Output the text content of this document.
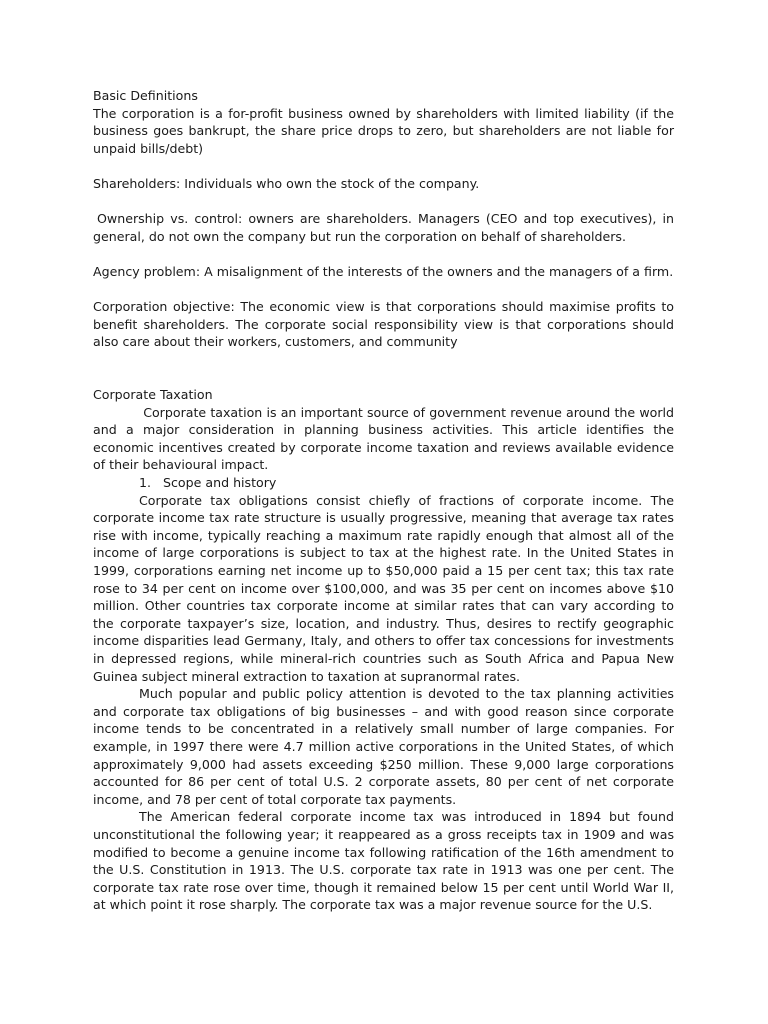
Basic Definitions

The corporation is a for-profit business owned by shareholders with limited liability (if the business goes bankrupt, the share price drops to zero, but shareholders are not liable for unpaid bills/debt)

Shareholders: Individuals who own the stock of the company.

Ownership vs. control: owners are shareholders. Managers (CEO and top executives), in general, do not own the company but run the corporation on behalf of shareholders.

Agency problem: A misalignment of the interests of the owners and the managers of a firm.

Corporation objective: The economic view is that corporations should maximise profits to benefit shareholders. The corporate social responsibility view is that corporations should also care about their workers, customers, and community

Corporate Taxation

Corporate taxation is an important source of government revenue around the world and a major consideration in planning business activities. This article identifies the economic incentives created by corporate income taxation and reviews available evidence of their behavioural impact.

1. Scope and history

Corporate tax obligations consist chiefly of fractions of corporate income. The corporate income tax rate structure is usually progressive, meaning that average tax rates rise with income, typically reaching a maximum rate rapidly enough that almost all of the income of large corporations is subject to tax at the highest rate. In the United States in 1999, corporations earning net income up to $50,000 paid a 15 per cent tax; this tax rate rose to 34 per cent on income over $100,000, and was 35 per cent on incomes above $10 million. Other countries tax corporate income at similar rates that can vary according to the corporate taxpayer’s size, location, and industry. Thus, desires to rectify geographic income disparities lead Germany, Italy, and others to offer tax concessions for investments in depressed regions, while mineral-rich countries such as South Africa and Papua New Guinea subject mineral extraction to taxation at supranormal rates.

Much popular and public policy attention is devoted to the tax planning activities and corporate tax obligations of big businesses – and with good reason since corporate income tends to be concentrated in a relatively small number of large companies. For example, in 1997 there were 4.7 million active corporations in the United States, of which approximately 9,000 had assets exceeding $250 million. These 9,000 large corporations accounted for 86 per cent of total U.S. 2 corporate assets, 80 per cent of net corporate income, and 78 per cent of total corporate tax payments.

The American federal corporate income tax was introduced in 1894 but found unconstitutional the following year; it reappeared as a gross receipts tax in 1909 and was modified to become a genuine income tax following ratification of the 16th amendment to the U.S. Constitution in 1913. The U.S. corporate tax rate in 1913 was one per cent. The corporate tax rate rose over time, though it remained below 15 per cent until World War II, at which point it rose sharply. The corporate tax was a major revenue source for the U.S.
